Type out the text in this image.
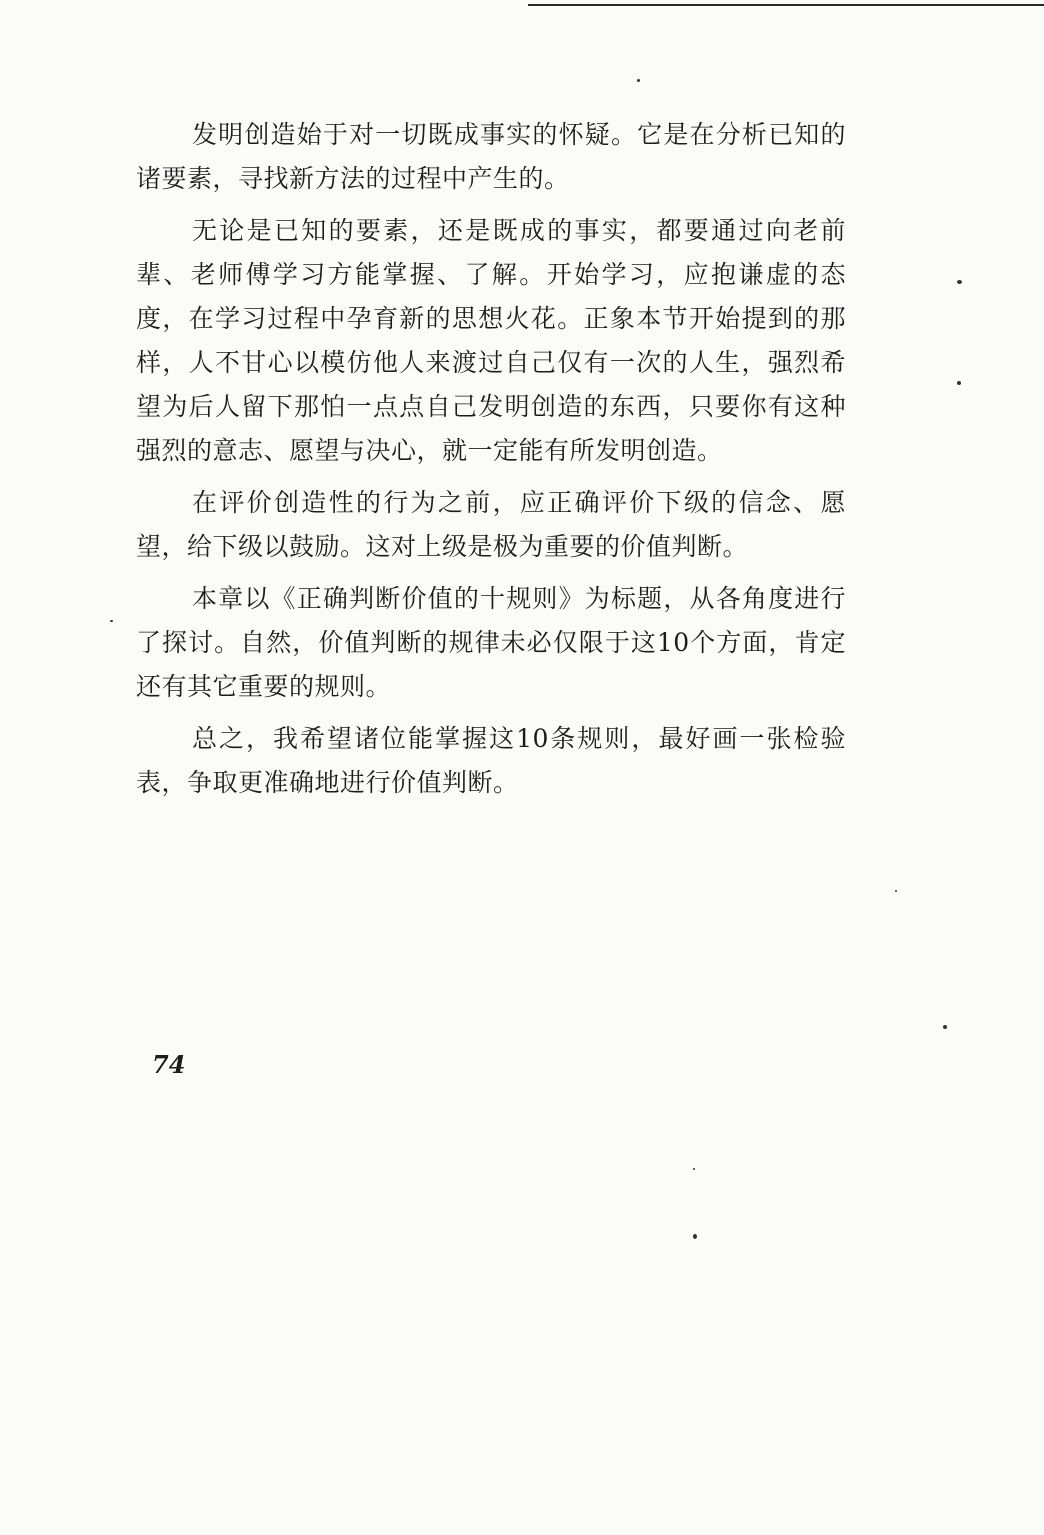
发明创造始于对一切既成事实的怀疑。它是在分析已知的诸要素，寻找新方法的过程中产生的。

无论是已知的要素，还是既成的事实，都要通过向老前辈、老师傅学习方能掌握、了解。开始学习，应抱谦虚的态度，在学习过程中孕育新的思想火花。正象本节开始提到的那样，人不甘心以模仿他人来渡过自己仅有一次的人生，强烈希望为后人留下那怕一点点自己发明创造的东西，只要你有这种强烈的意志、愿望与决心，就一定能有所发明创造。

在评价创造性的行为之前，应正确评价下级的信念、愿望，给下级以鼓励。这对上级是极为重要的价值判断。

本章以《正确判断价值的十规则》为标题，从各角度进行了探讨。自然，价值判断的规律未必仅限于这10个方面，肯定还有其它重要的规则。

总之，我希望诸位能掌握这10条规则，最好画一张检验表，争取更准确地进行价值判断。

74
